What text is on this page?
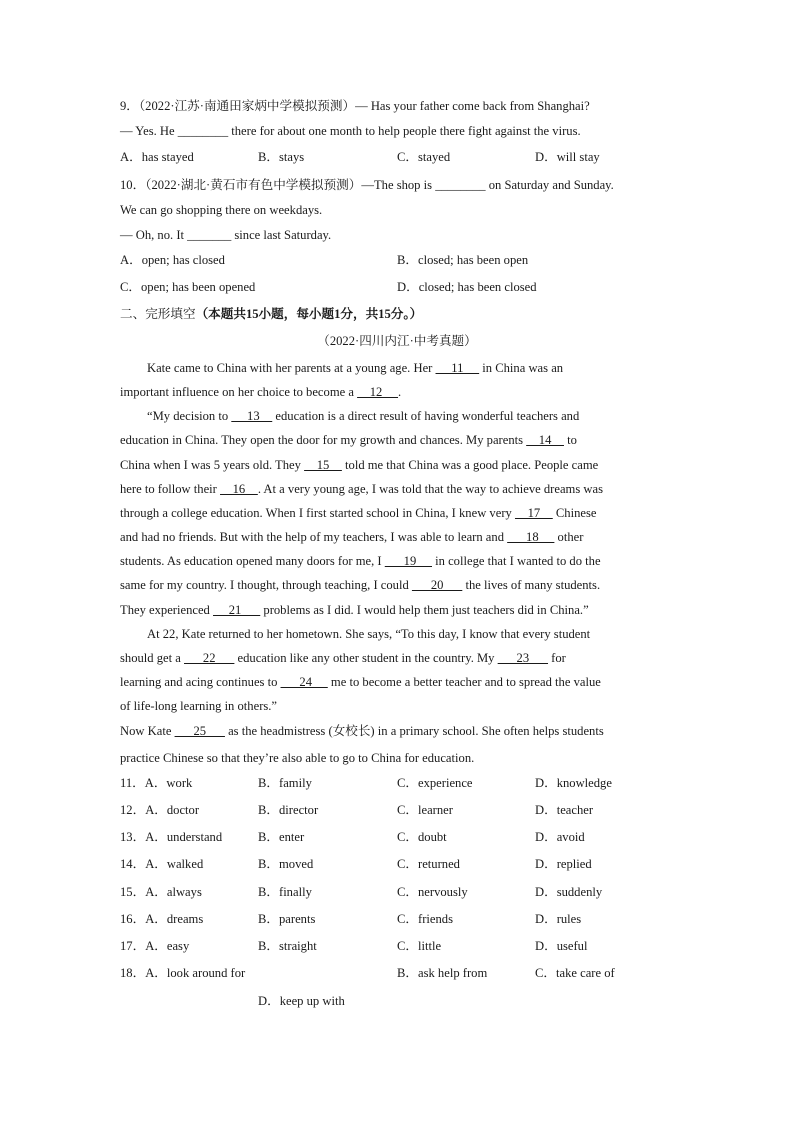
9．（2022·江苏·南通田家炳中学模拟预测）— Has your father come back from Shanghai?
— Yes. He ________ there for about one month to help people there fight against the virus.
A．has stayed	B．stays	C．stayed	D．will stay
10．（2022·湖北·黄石市有色中学模拟预测）—The shop is ________ on Saturday and Sunday.
We can go shopping there on weekdays.
— Oh, no. It _______ since last Saturday.
A．open; has closed	B．closed; has been open
C．open; has been opened	D．closed; has been closed
二、完形填空（本题共15小题，每小题1分，共15分。）
（2022·四川内江·中考真题）
Kate came to China with her parents at a young age. Her      11      in China was an
important influence on her choice to become a     12     .
“My decision to      13     education is a direct result of having wonderful teachers and
education in China. They open the door for my growth and chances. My parents     14     to
China when I was 5 years old. They     15     told me that China was a good place. People came
here to follow their     16    . At a very young age, I was told that the way to achieve dreams was
through a college education. When I first started school in China, I knew very     17     Chinese
and had no friends. But with the help of my teachers, I was able to learn and       18      other
students. As education opened many doors for me, I       19      in college that I wanted to do the
same for my country. I thought, through teaching, I could       20       the lives of many students.
They experienced      21       problems as I did. I would help them just teachers did in China.”
At 22, Kate returned to her hometown. She says, “To this day, I know that every student
should get a       22       education like any other student in the country. My       23       for
learning and acing continues to       24      me to become a better teacher and to spread the value
of life-long learning in others.”
Now Kate       25       as the headmistress (女校长) in a primary school. She often helps students
practice Chinese so that they’re also able to go to China for education.
11．A．work	B．family	C．experience	D．knowledge
12．A．doctor	B．director	C．learner	D．teacher
13．A．understand	B．enter	C．doubt	D．avoid
14．A．walked	B．moved	C．returned	D．replied
15．A．always	B．finally	C．nervously	D．suddenly
16．A．dreams	B．parents	C．friends	D．rules
17．A．easy	B．straight	C．little	D．useful
18．A．look around for	B．ask help from	C．take care of
D．keep up with
